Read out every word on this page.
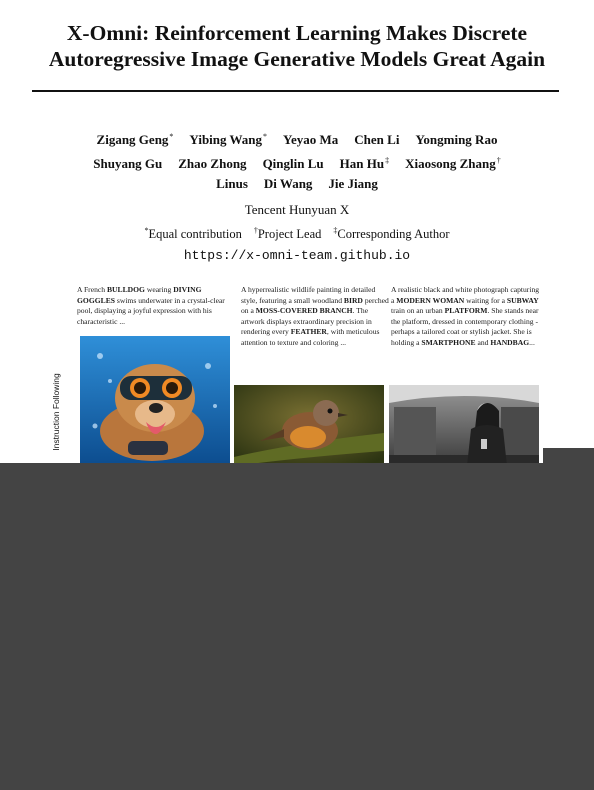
X-Omni: Reinforcement Learning Makes Discrete
Autoregressive Image Generative Models Great Again
Zigang Geng* Yibing Wang* Yeyao Ma Chen Li Yongming Rao
Shuyang Gu Zhao Zhong Qinglin Lu Han Hu‡ Xiaosong Zhang†
Linus Di Wang Jie Jiang
Tencent Hunyuan X
*Equal contribution †Project Lead ‡Corresponding Author
https://x-omni-team.github.io
Instruction Following
A French BULLDOG wearing DIVING GOGGLES swims underwater in a crystal-clear pool, displaying a joyful expression with his characteristic ...
A hyperrealistic wildlife painting in detailed style, featuring a small woodland BIRD perched on a MOSS-COVERED BRANCH. The artwork displays extraordinary precision in rendering every FEATHER, with meticulous attention to texture and coloring ...
A realistic black and white photograph capturing a MODERN WOMAN waiting for a SUBWAY train on an urban PLATFORM. She stands near the platform, dressed in contemporary clothing - perhaps a tailored coat or stylish jacket. She is holding a SMARTPHONE and HANDBAG...
